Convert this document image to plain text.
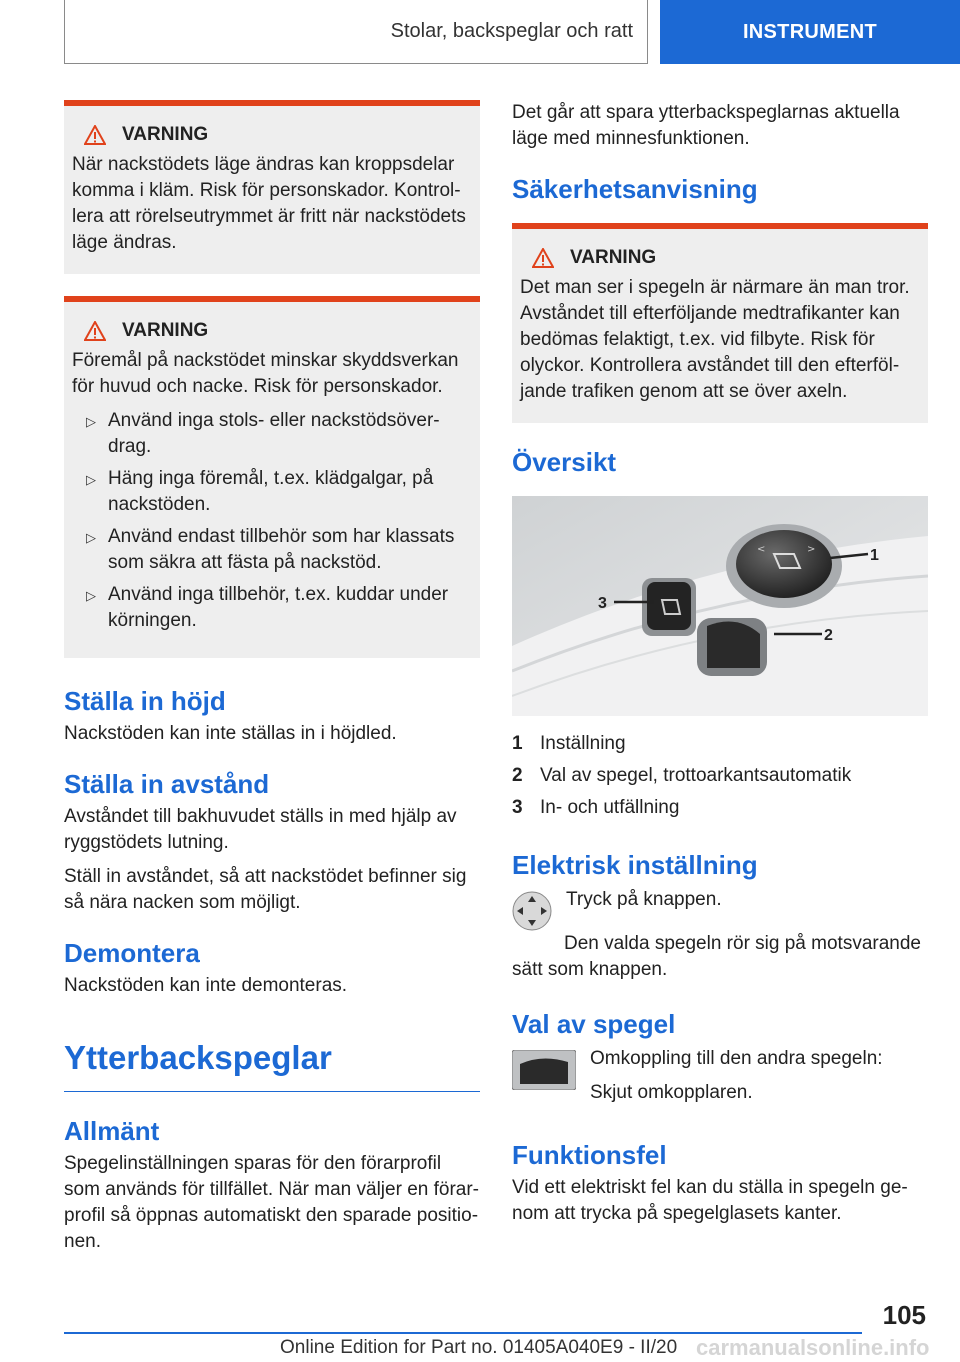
Stolar, backspeglar och ratt	INSTRUMENT
VARNING

När nackstödets läge ändras kan kroppsdelar komma i kläm. Risk för personskador. Kontrollera att rörelseutrymmet är fritt när nackstödets läge ändras.

VARNING

Föremål på nackstödet minskar skyddsverkan för huvud och nacke. Risk för personskador.

▷ Använd inga stols- eller nackstödsöverdrag.
▷ Häng inga föremål, t.ex. klädgalgar, på nackstöden.
▷ Använd endast tillbehör som har klassats som säkra att fästa på nackstöd.
▷ Använd inga tillbehör, t.ex. kuddar under körningen.
Ställa in höjd

Nackstöden kan inte ställas in i höjdled.

Ställa in avstånd

Avståndet till bakhuvudet ställs in med hjälp av ryggstödets lutning.

Ställ in avståndet, så att nackstödet befinner sig så nära nacken som möjligt.

Demontera

Nackstöden kan inte demonteras.

Ytterbackspeglar
Allmänt

Spegelinställningen sparas för den förarprofil som används för tillfället. När man väljer en förarprofil så öppnas automatiskt den sparade positionen.

Det går att spara ytterbackspeglarnas aktuella läge med minnesfunktionen.

Säkerhetsanvisning
VARNING

Det man ser i spegeln är närmare än man tror. Avståndet till efterföljande medtrafikanter kan bedömas felaktigt, t.ex. vid filbyte. Risk för olyckor. Kontrollera avståndet till den efterföljande trafiken genom att se över axeln.

Översikt
<	>	1
2
3
1 Inställning
2 Val av spegel, trottoarkantsautomatik
3 In- och utfällning
Elektrisk inställning

Tryck på knappen.

Den valda spegeln rör sig på motsvarande sätt som knappen.

Val av spegel

Omkoppling till den andra spegeln:

Skjut omkopplaren.

Funktionsfel

Vid ett elektriskt fel kan du ställa in spegeln genom att trycka på spegelglasets kanter.

105
Online Edition for Part no. 01405A040E9 - II/20 carmanualsonline.info
